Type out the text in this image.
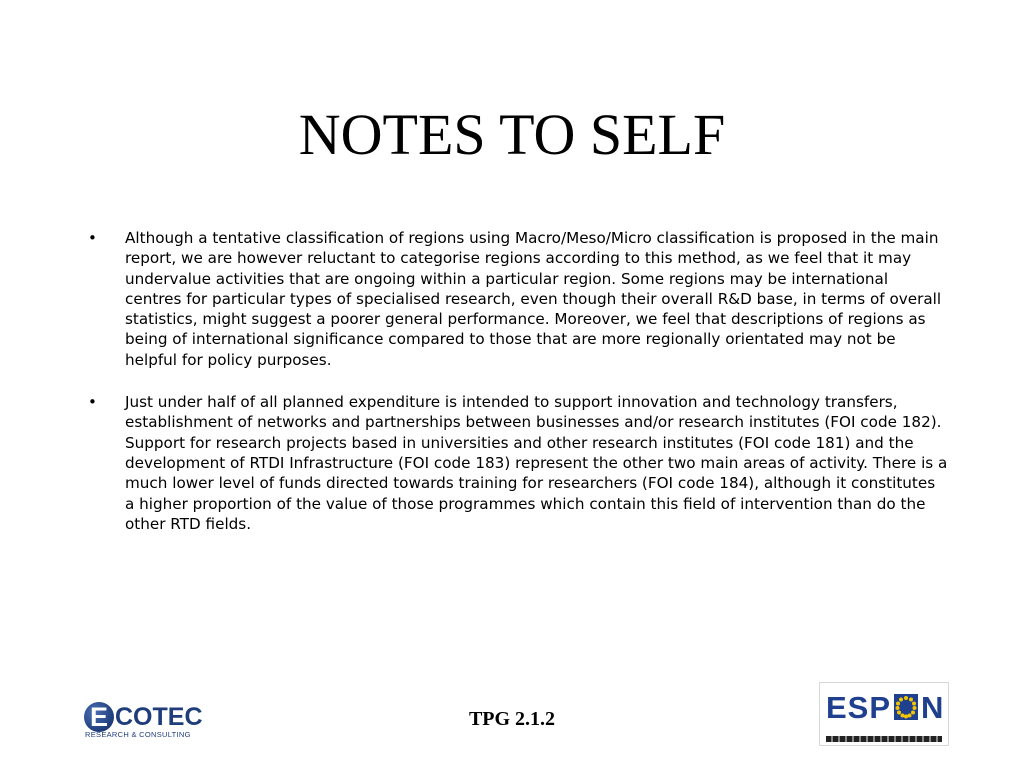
NOTES TO SELF
• Although a tentative classification of regions using Macro/Meso/Micro classification is proposed in the main report, we are however reluctant to categorise regions according to this method, as we feel that it may undervalue activities that are ongoing within a particular region. Some regions may be international centres for particular types of specialised research, even though their overall R&D base, in terms of overall statistics, might suggest a poorer general performance. Moreover, we feel that descriptions of regions as being of international significance compared to those that are more regionally orientated may not be helpful for policy purposes.
• Just under half of all planned expenditure is intended to support innovation and technology transfers, establishment of networks and partnerships between businesses and/or research institutes (FOI code 182). Support for research projects based in universities and other research institutes (FOI code 181) and the development of RTDI Infrastructure (FOI code 183) represent the other two main areas of activity. There is a much lower level of funds directed towards training for researchers (FOI code 184), although it constitutes a higher proportion of the value of those programmes which contain this field of intervention than do the other RTD fields.
E COTEC
RESEARCH & CONSULTING
TPG 2.1.2	ESP N
